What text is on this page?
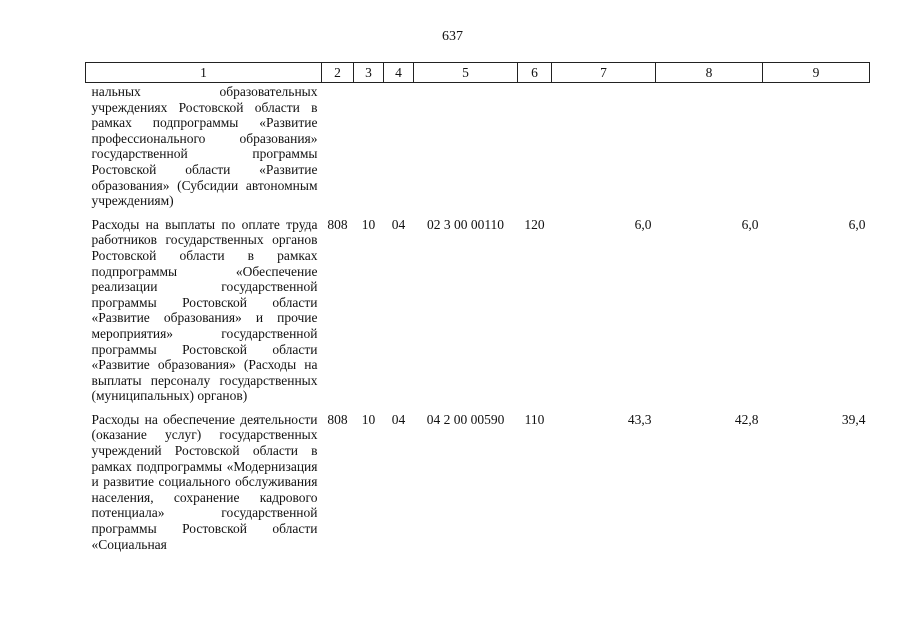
637
1	2	3	4	5	6	7	8	9
нальных образовательных учреждениях Ростовской области в рамках подпрограммы «Развитие профессионального образования» государственной программы Ростовской области «Развитие образования» (Субсидии автономным учреждениям)								
Расходы на выплаты по оплате труда работников государственных органов Ростовской области в рамках подпрограммы «Обеспечение реализации государственной программы Ростовской области «Развитие образования» и прочие мероприятия» государственной программы Ростовской области «Развитие образования» (Расходы на выплаты персоналу государственных (муниципальных) органов)	808	10	04	02 3 00 00110	120	6,0	6,0	6,0
Расходы на обеспечение деятельности (оказание услуг) государственных учреждений Ростовской области в рамках подпрограммы «Модернизация и развитие социального обслуживания населения, сохранение кадрового потенциала» государственной программы Ростовской области «Социальная	808	10	04	04 2 00 00590	110	43,3	42,8	39,4
